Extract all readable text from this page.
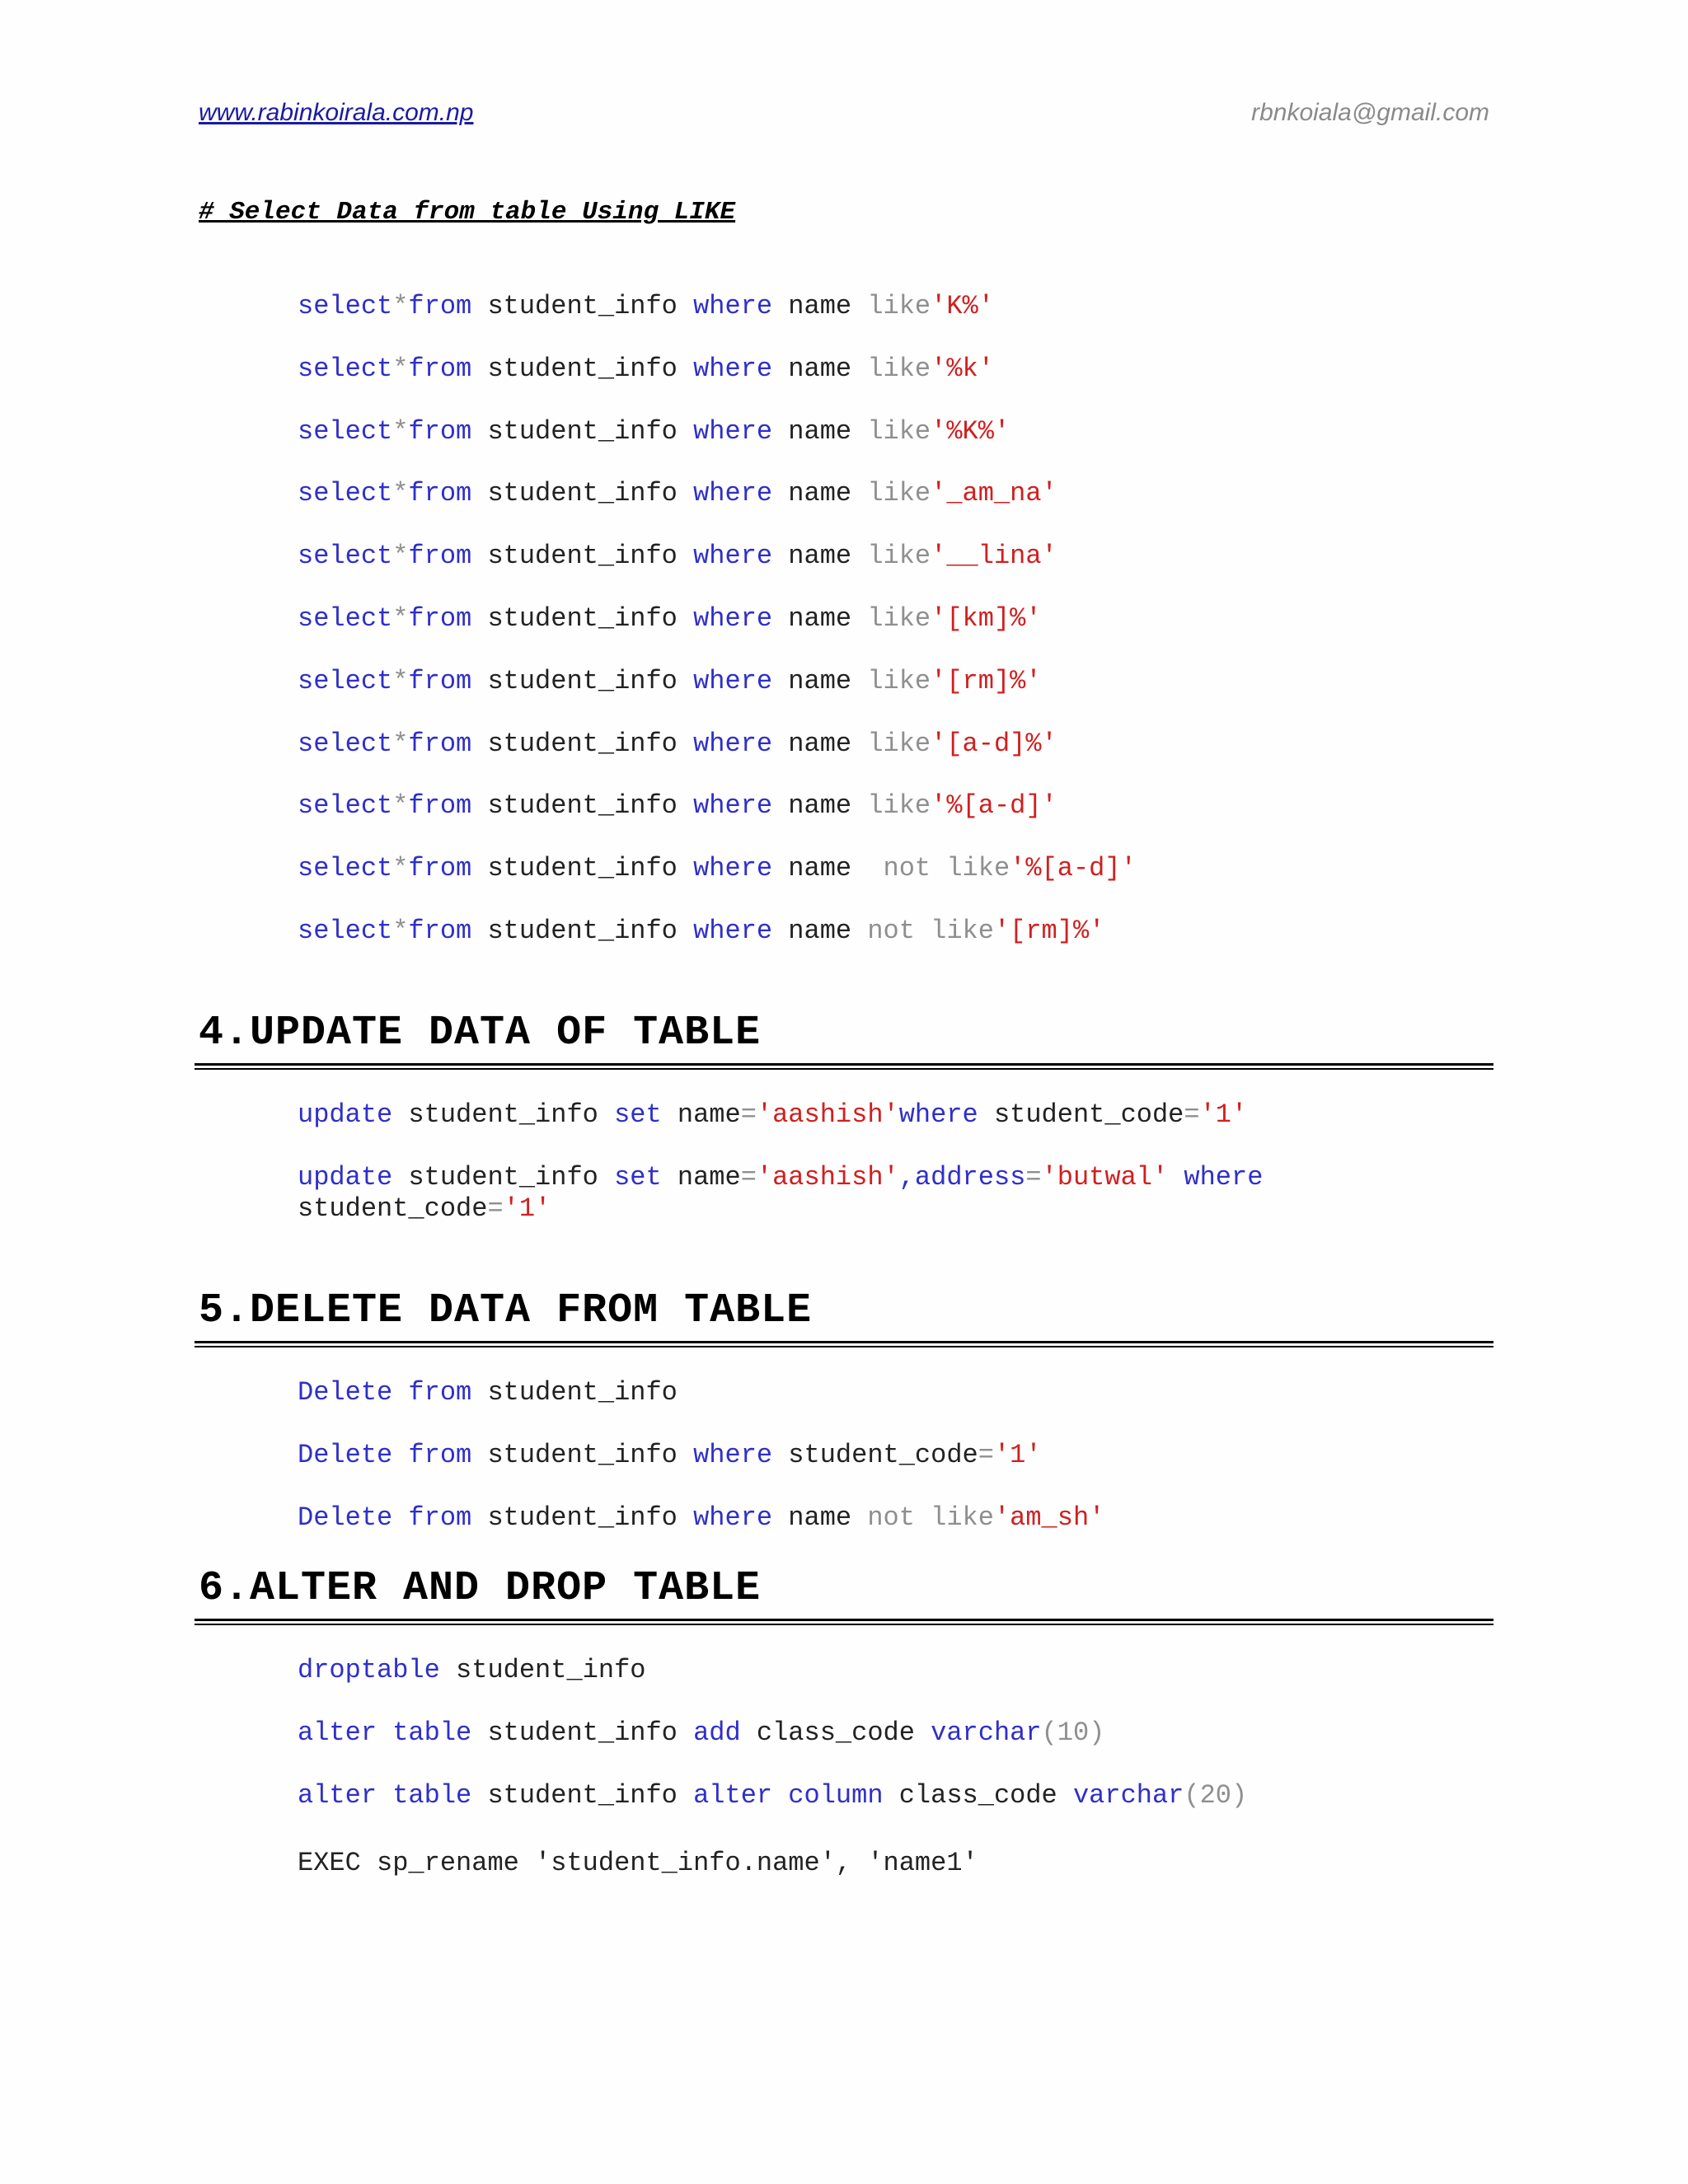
www.rabinkoirala.com.np	rbnkoiala@gmail.com
# Select Data from table Using LIKE
select*from student_info where name like'K%'
select*from student_info where name like'%k'
select*from student_info where name like'%K%'
select*from student_info where name like'_am_na'
select*from student_info where name like'__lina'
select*from student_info where name like'[km]%'
select*from student_info where name like'[rm]%'
select*from student_info where name like'[a-d]%'
select*from student_info where name like'%[a-d]'
select*from student_info where name  not like'%[a-d]'
select*from student_info where name not like'[rm]%'
4.UPDATE DATA OF TABLE
update student_info set name='aashish'where student_code='1'
update student_info set name='aashish',address='butwal' where
student_code='1'
5.DELETE DATA FROM TABLE
Delete from student_info
Delete from student_info where student_code='1'
Delete from student_info where name not like'am_sh'
6.ALTER AND DROP TABLE
droptable student_info
alter table student_info add class_code varchar(10)
alter table student_info alter column class_code varchar(20)
EXEC sp_rename 'student_info.name', 'name1'
